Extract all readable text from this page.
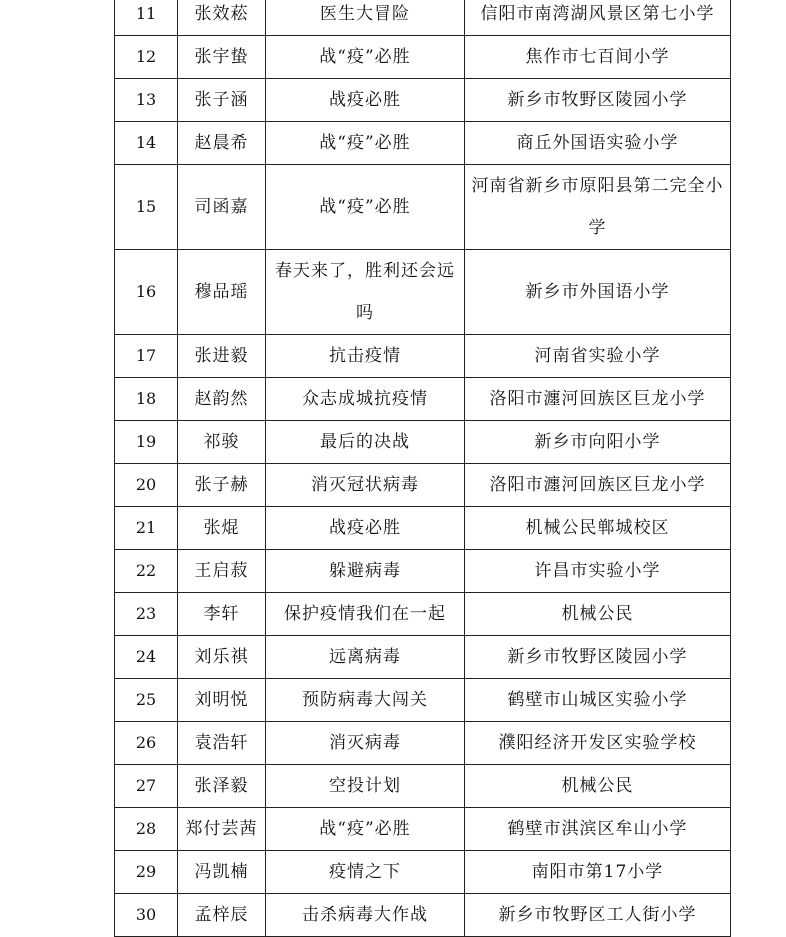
11	张效菘	医生大冒险	信阳市南湾湖风景区第七小学
12	张宇蛰	战“疫”必胜	焦作市七百间小学
13	张子涵	战疫必胜	新乡市牧野区陵园小学
14	赵晨希	战“疫”必胜	商丘外国语实验小学
15	司函嘉	战“疫”必胜	河南省新乡市原阳县第二完全小学
16	穆品瑶	春天来了，胜利还会远吗	新乡市外国语小学
17	张进毅	抗击疫情	河南省实验小学
18	赵韵然	众志成城抗疫情	洛阳市瀍河回族区巨龙小学
19	祁骏	最后的决战	新乡市向阳小学
20	张子赫	消灭冠状病毒	洛阳市瀍河回族区巨龙小学
21	张焜	战疫必胜	机械公民郸城校区
22	王启菽	躲避病毒	许昌市实验小学
23	李轩	保护疫情我们在一起	机械公民
24	刘乐祺	远离病毒	新乡市牧野区陵园小学
25	刘明悦	预防病毒大闯关	鹤壁市山城区实验小学
26	袁浩轩	消灭病毒	濮阳经济开发区实验学校
27	张泽毅	空投计划	机械公民
28	郑付芸茜	战“疫”必胜	鹤壁市淇滨区牟山小学
29	冯凯楠	疫情之下	南阳市第17小学
30	孟梓辰	击杀病毒大作战	新乡市牧野区工人街小学
